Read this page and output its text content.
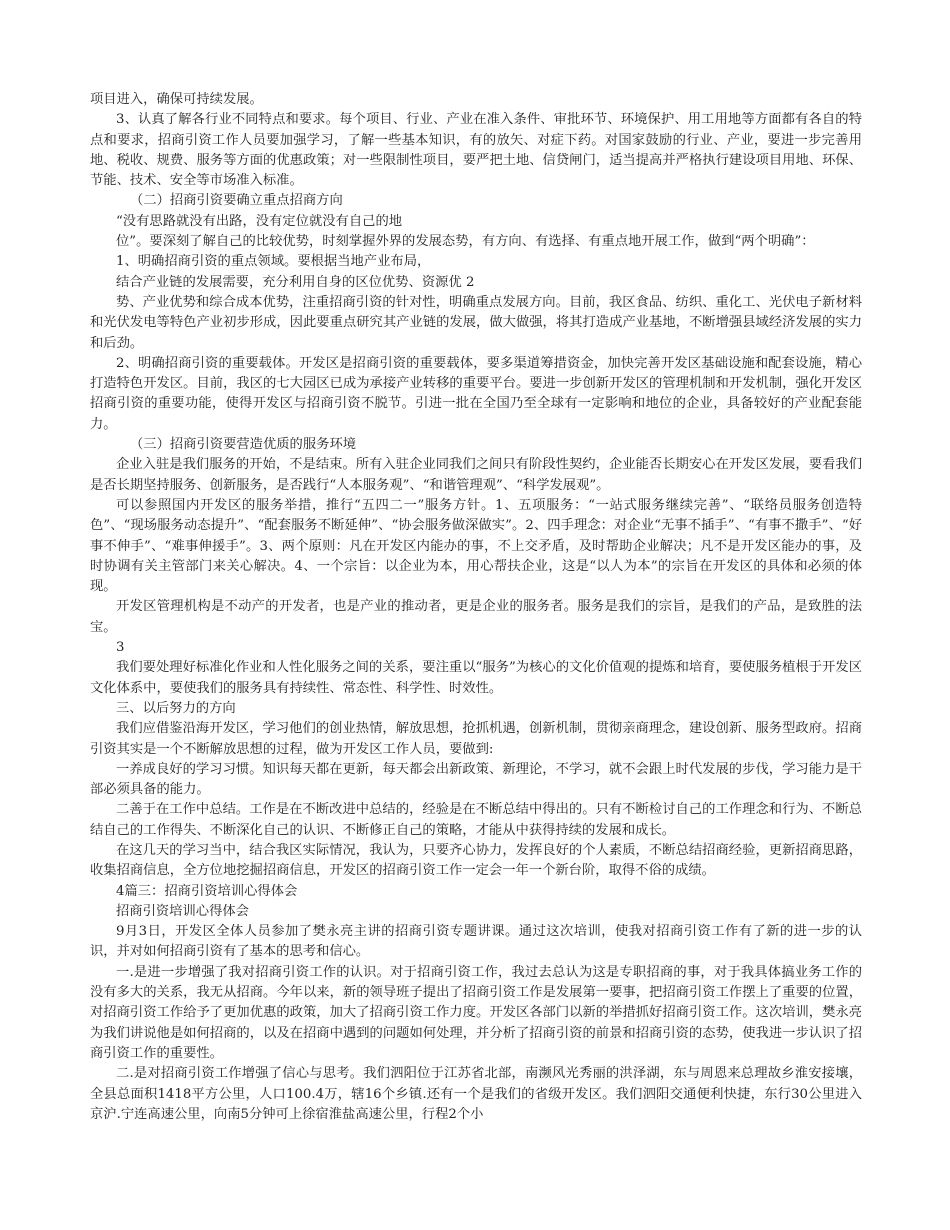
项目进入，确保可持续发展。

3、认真了解各行业不同特点和要求。每个项目、行业、产业在准入条件、审批环节、环境保护、用工用地等方面都有各自的特点和要求，招商引资工作人员要加强学习，了解一些基本知识，有的放矢、对症下药。对国家鼓励的行业、产业，要进一步完善用地、税收、规费、服务等方面的优惠政策；对一些限制性项目，要严把土地、信贷闸门，适当提高并严格执行建设项目用地、环保、节能、技术、安全等市场准入标准。

（二）招商引资要确立重点招商方向

“没有思路就没有出路，没有定位就没有自己的地

位”。要深刻了解自己的比较优势，时刻掌握外界的发展态势，有方向、有选择、有重点地开展工作，做到“两个明确”：

1、明确招商引资的重点领域。要根据当地产业布局，

结合产业链的发展需要，充分利用自身的区位优势、资源优 2

势、产业优势和综合成本优势，注重招商引资的针对性，明确重点发展方向。目前，我区食品、纺织、重化工、光伏电子新材料和光伏发电等特色产业初步形成，因此要重点研究其产业链的发展，做大做强，将其打造成产业基地，不断增强县域经济发展的实力和后劲。

2、明确招商引资的重要载体。开发区是招商引资的重要载体，要多渠道筹措资金，加快完善开发区基础设施和配套设施，精心打造特色开发区。目前，我区的七大园区已成为承接产业转移的重要平台。要进一步创新开发区的管理机制和开发机制，强化开发区招商引资的重要功能，使得开发区与招商引资不脱节。引进一批在全国乃至全球有一定影响和地位的企业，具备较好的产业配套能力。

（三）招商引资要营造优质的服务环境

企业入驻是我们服务的开始，不是结束。所有入驻企业同我们之间只有阶段性契约，企业能否长期安心在开发区发展，要看我们是否长期坚持服务、创新服务，是否践行“人本服务观”、“和谐管理观”、“科学发展观”。

可以参照国内开发区的服务举措，推行“五四二一”服务方针。1、五项服务：“一站式服务继续完善”、“联络员服务创造特色”、“现场服务动态提升”、“配套服务不断延伸”、“协会服务做深做实”。2、四手理念：对企业“无事不插手”、“有事不撒手”、“好事不伸手”、“难事伸援手”。3、两个原则：凡在开发区内能办的事，不上交矛盾，及时帮助企业解决；凡不是开发区能办的事，及时协调有关主管部门来关心解决。4、一个宗旨：以企业为本，用心帮扶企业，这是“以人为本”的宗旨在开发区的具体和必须的体现。

开发区管理机构是不动产的开发者，也是产业的推动者，更是企业的服务者。服务是我们的宗旨，是我们的产品，是致胜的法宝。

3

我们要处理好标准化作业和人性化服务之间的关系，要注重以“服务”为核心的文化价值观的提炼和培育，要使服务植根于开发区文化体系中，要使我们的服务具有持续性、常态性、科学性、时效性。

三、以后努力的方向

我们应借鉴沿海开发区，学习他们的创业热情，解放思想，抢抓机遇，创新机制，贯彻亲商理念，建设创新、服务型政府。招商引资其实是一个不断解放思想的过程，做为开发区工作人员，要做到:

一养成良好的学习习惯。知识每天都在更新，每天都会出新政策、新理论，不学习，就不会跟上时代发展的步伐，学习能力是干部必须具备的能力。

二善于在工作中总结。工作是在不断改进中总结的，经验是在不断总结中得出的。只有不断检讨自己的工作理念和行为、不断总结自己的工作得失、不断深化自己的认识、不断修正自己的策略，才能从中获得持续的发展和成长。

在这几天的学习当中，结合我区实际情况，我认为，只要齐心协力，发挥良好的个人素质，不断总结招商经验，更新招商思路，收集招商信息，全方位地挖掘招商信息，开发区的招商引资工作一定会一年一个新台阶，取得不俗的成绩。

4篇三：招商引资培训心得体会

招商引资培训心得体会

9月3日，开发区全体人员参加了樊永亮主讲的招商引资专题讲课。通过这次培训，使我对招商引资工作有了新的进一步的认识，并对如何招商引资有了基本的思考和信心。

一.是进一步增强了我对招商引资工作的认识。对于招商引资工作，我过去总认为这是专职招商的事，对于我具体搞业务工作的没有多大的关系，我无从招商。今年以来，新的领导班子提出了招商引资工作是发展第一要事，把招商引资工作摆上了重要的位置，对招商引资工作给予了更加优惠的政策，加大了招商引资工作力度。开发区各部门以新的举措抓好招商引资工作。这次培训，樊永亮为我们讲说他是如何招商的，以及在招商中遇到的问题如何处理，并分析了招商引资的前景和招商引资的态势，使我进一步认识了招商引资工作的重要性。

二.是对招商引资工作增强了信心与思考。我们泗阳位于江苏省北部，南濒风光秀丽的洪泽湖，东与周恩来总理故乡淮安接壤，全县总面积1418平方公里，人口100.4万，辖16个乡镇.还有一个是我们的省级开发区。我们泗阳交通便利快捷，东行30公里进入京沪.宁连高速公里，向南5分钟可上徐宿淮盐高速公里，行程2个小
